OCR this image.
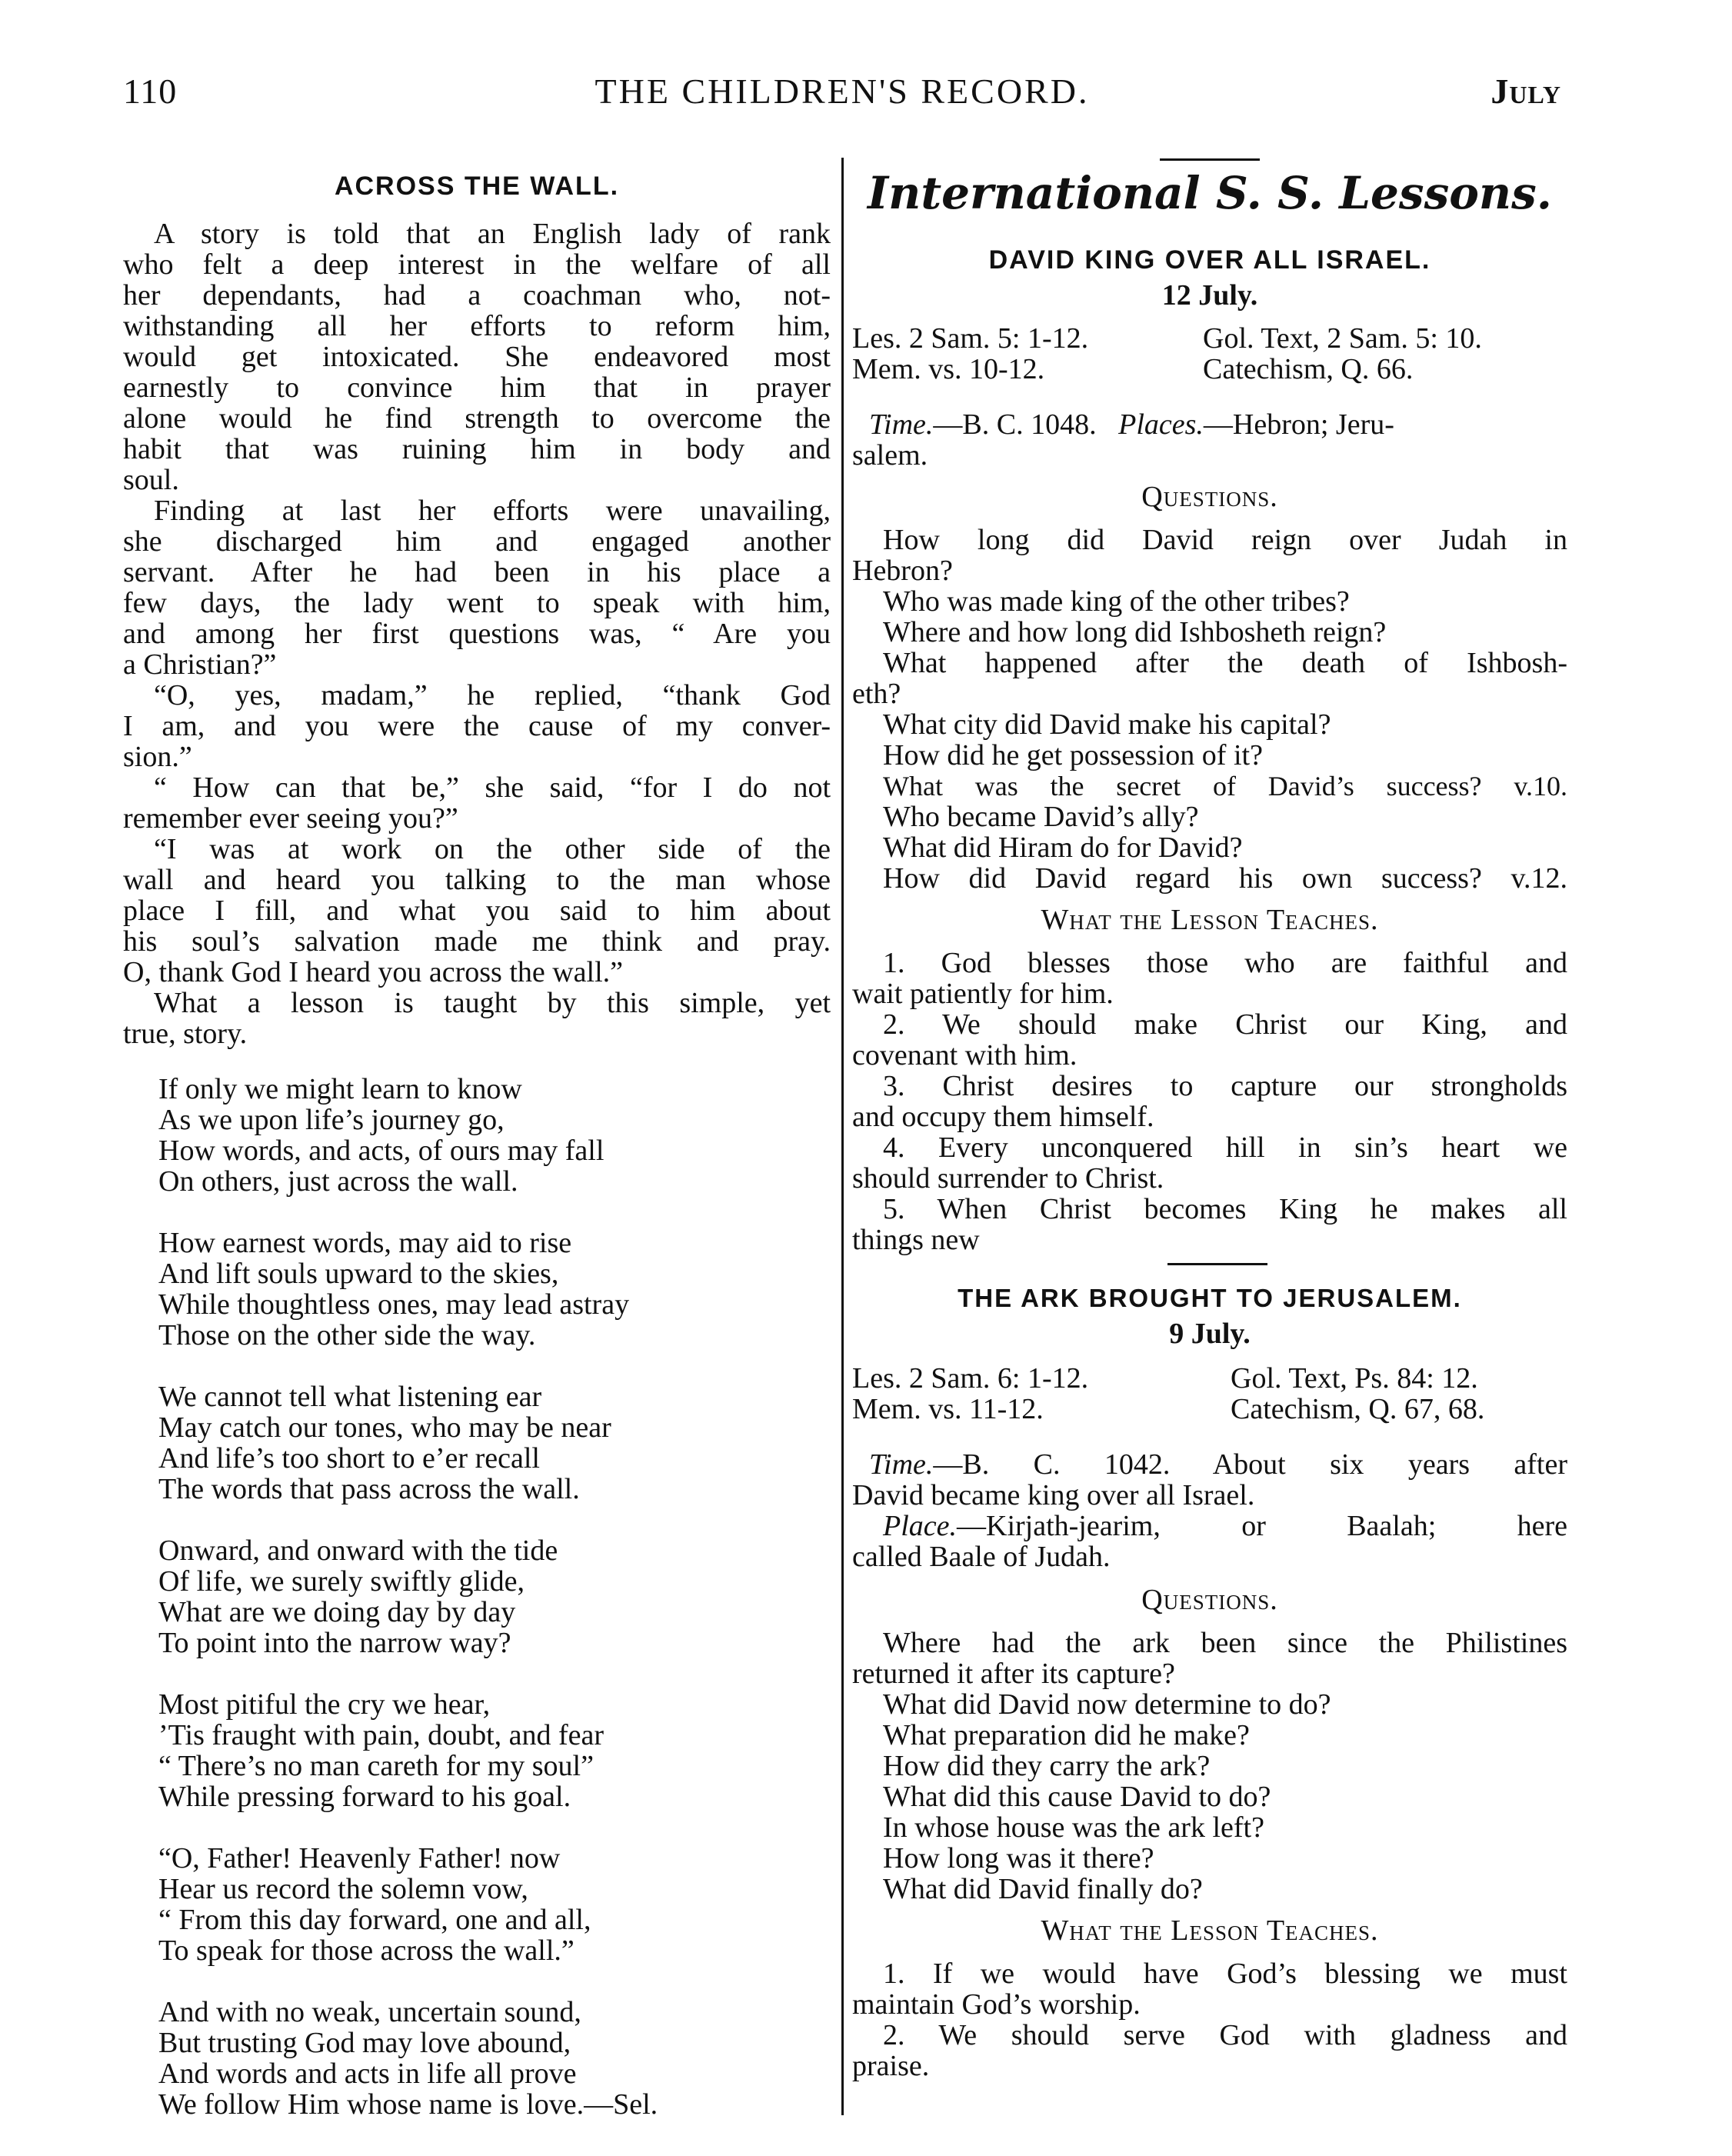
110	THE CHILDREN'S RECORD.	July
ACROSS THE WALL.
A story is told that an English lady of rank
who felt a deep interest in the welfare of all
her dependants, had a coachman who, not-
withstanding all her efforts to reform him,
would get intoxicated. She endeavored most
earnestly to convince him that in prayer
alone would he find strength to overcome the
habit that was ruining him in body and
soul.
Finding at last her efforts were unavailing,
she discharged him and engaged another
servant. After he had been in his place a
few days, the lady went to speak with him,
and among her first questions was, “ Are you
a Christian?”
“O, yes, madam,” he replied, “thank God
I am, and you were the cause of my conver-
sion.”
“ How can that be,” she said, “for I do not
remember ever seeing you?”
“I was at work on the other side of the
wall and heard you talking to the man whose
place I fill, and what you said to him about
his soul’s salvation made me think and pray.
O, thank God I heard you across the wall.”
What a lesson is taught by this simple, yet
true, story.
If only we might learn to know
As we upon life’s journey go,
How words, and acts, of ours may fall
On others, just across the wall.
How earnest words, may aid to rise
And lift souls upward to the skies,
While thoughtless ones, may lead astray
Those on the other side the way.
We cannot tell what listening ear
May catch our tones, who may be near
And life’s too short to e’er recall
The words that pass across the wall.
Onward, and onward with the tide
Of life, we surely swiftly glide,
What are we doing day by day
To point into the narrow way?
Most pitiful the cry we hear,
’Tis fraught with pain, doubt, and fear
“ There’s no man careth for my soul”
While pressing forward to his goal.
“O, Father! Heavenly Father! now
Hear us record the solemn vow,
“ From this day forward, one and all,
To speak for those across the wall.”
And with no weak, uncertain sound,
But trusting God may love abound,
And words and acts in life all prove
We follow Him whose name is love.—Sel.
International S. S. Lessons.
DAVID KING OVER ALL ISRAEL.
12 July.
Les. 2 Sam. 5: 1-12.	Gol. Text, 2 Sam. 5: 10.
Mem. vs. 10-12.	Catechism, Q. 66.
Time.—B. C. 1048. Places.—Hebron; Jeru-
salem.
Questions.
How long did David reign over Judah in
Hebron?
Who was made king of the other tribes?
Where and how long did Ishbosheth reign?
What happened after the death of Ishbosh-
eth?
What city did David make his capital?
How did he get possession of it?
What was the secret of David’s success? v.10.
Who became David’s ally?
What did Hiram do for David?
How did David regard his own success? v.12.
What the Lesson Teaches.
1. God blesses those who are faithful and
wait patiently for him.
2. We should make Christ our King, and
covenant with him.
3. Christ desires to capture our strongholds
and occupy them himself.
4. Every unconquered hill in sin’s heart we
should surrender to Christ.
5. When Christ becomes King he makes all
things new
THE ARK BROUGHT TO JERUSALEM.
9 July.
Les. 2 Sam. 6: 1-12.	Gol. Text, Ps. 84: 12.
Mem. vs. 11-12.	Catechism, Q. 67, 68.
Time.—B. C. 1042. About six years after
David became king over all Israel.
Place.—Kirjath-jearim, or Baalah; here
called Baale of Judah.
Questions.
Where had the ark been since the Philistines
returned it after its capture?
What did David now determine to do?
What preparation did he make?
How did they carry the ark?
What did this cause David to do?
In whose house was the ark left?
How long was it there?
What did David finally do?
What the Lesson Teaches.
1. If we would have God’s blessing we must
maintain God’s worship.
2. We should serve God with gladness and
praise.
